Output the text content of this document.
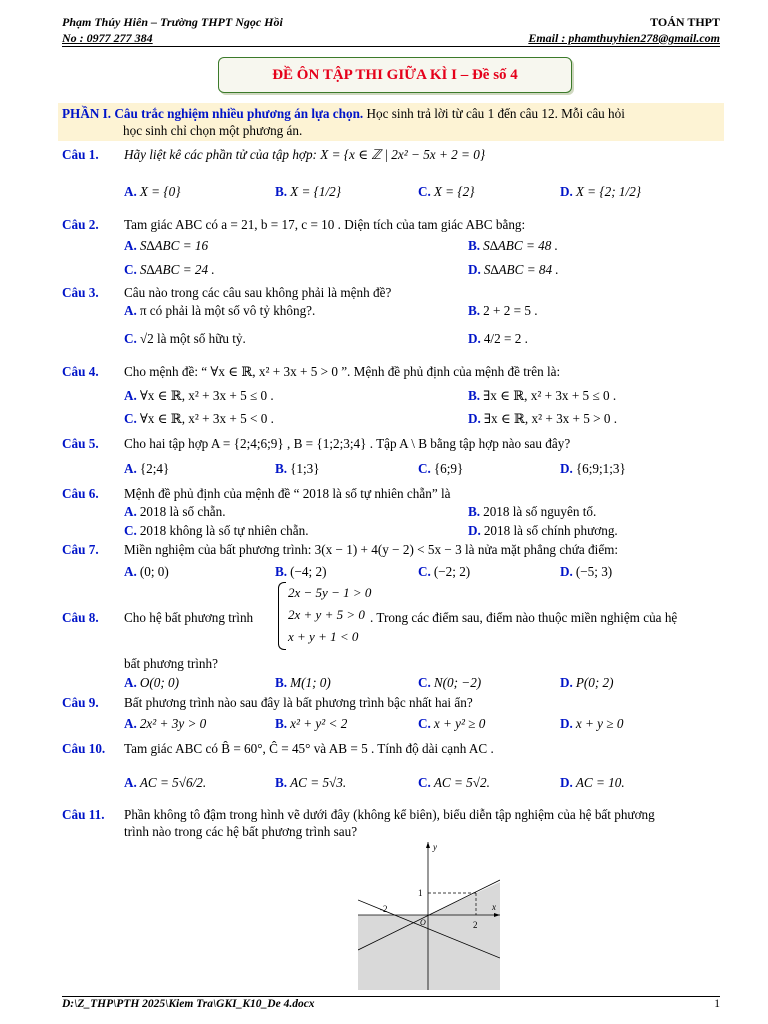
Phạm Thúy Hiên – Trường THPT Ngọc Hồi	TOÁN THPT
No : 0977 277 384	Email : phamthuyhien278@gmail.com
ĐỀ ÔN TẬP THI GIỮA KÌ I – Đề số 4
PHẦN I. Câu trắc nghiệm nhiều phương án lựa chọn. Học sinh trả lời từ câu 1 đến câu 12. Mỗi câu hỏi
học sinh chỉ chọn một phương án.
Câu 1. Hãy liệt kê các phần tử của tập hợp: X = {x ∈ ℤ | 2x² − 5x + 2 = 0}
A. X = {0}	B. X = {1/2}	C. X = {2}	D. X = {2; 1/2}
Câu 2. Tam giác ABC có a = 21, b = 17, c = 10 . Diện tích của tam giác ABC bằng:
A. S∆ABC = 16	B. S∆ABC = 48 .
C. S∆ABC = 24 .	D. S∆ABC = 84 .
Câu 3. Câu nào trong các câu sau không phải là mệnh đề?
A. π có phải là một số vô tỷ không?.	B. 2 + 2 = 5 .
C. √2 là một số hữu tỷ.	D. 4/2 = 2 .
Câu 4.Cho mệnh đề: “ ∀x ∈ ℝ, x² + 3x + 5 > 0 ”. Mệnh đề phủ định của mệnh đề trên là:
A. ∀x ∈ ℝ, x² + 3x + 5 ≤ 0 .	B. ∃x ∈ ℝ, x² + 3x + 5 ≤ 0 .
C. ∀x ∈ ℝ, x² + 3x + 5 < 0 .	D. ∃x ∈ ℝ, x² + 3x + 5 > 0 .
Câu 5. Cho hai tập hợp A = {2;4;6;9} , B = {1;2;3;4} . Tập A \ B bằng tập hợp nào sau đây?
A. {2;4}	B. {1;3}	C. {6;9}	D. {6;9;1;3}
Câu 6.Mệnh đề phủ định của mệnh đề “ 2018 là số tự nhiên chẵn” là
A. 2018 là số chẵn.	B. 2018 là số nguyên tố.
C. 2018 không là số tự nhiên chẵn.	D. 2018 là số chính phương.
Câu 7. Miền nghiệm của bất phương trình: 3(x − 1) + 4(y − 2) < 5x − 3 là nửa mặt phẳng chứa điểm:
A. (0; 0)	B. (−4; 2)	C. (−2; 2)	D. (−5; 3)
Câu 8. Cho hệ bất phương trình
2x − 5y − 1 > 0
2x + y + 5 > 0
x + y + 1 < 0
. Trong các điểm sau, điểm nào thuộc miền nghiệm của hệ
bất phương trình?
A. O(0; 0)	B. M(1; 0)	C. N(0; −2)	D. P(0; 2)
Câu 9. Bất phương trình nào sau đây là bất phương trình bậc nhất hai ẩn?
A. 2x² + 3y > 0	B. x² + y² < 2	C. x + y² ≥ 0	D. x + y ≥ 0
Câu 10. Tam giác ABC có B̂ = 60°, Ĉ = 45° và AB = 5 . Tính độ dài cạnh AC .
A. AC = 5√6/2.	B. AC = 5√3.	C. AC = 5√2.	D. AC = 10.
Câu 11. Phần không tô đậm trong hình vẽ dưới đây (không kể biên), biểu diễn tập nghiệm của hệ bất phương
trình nào trong các hệ bất phương trình sau?
1
2
-2
y
x
O
D:\Z_THP\PTH 2025\Kiem Tra\GKI_K10_De 4.docx	1
